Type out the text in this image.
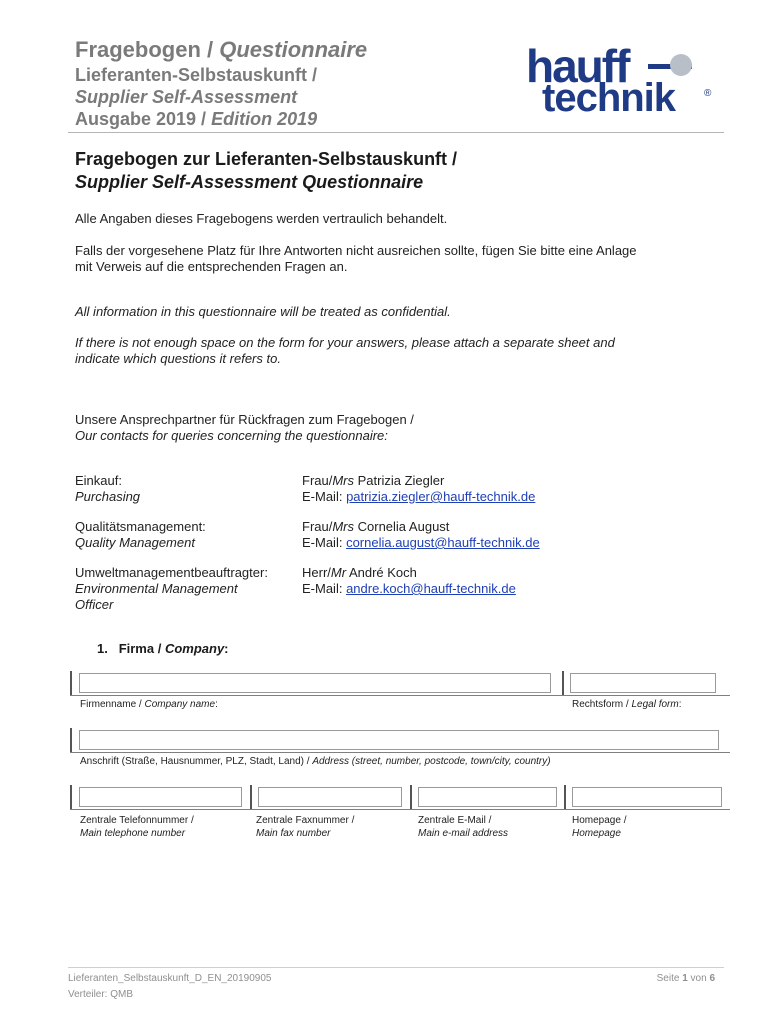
Fragebogen / Questionnaire
Lieferanten-Selbstauskunft /
Supplier Self-Assessment
Ausgabe 2019 / Edition 2019
hauff
technik	®
Fragebogen zur Lieferanten-Selbstauskunft /
Supplier Self-Assessment Questionnaire
Alle Angaben dieses Fragebogens werden vertraulich behandelt.
Falls der vorgesehene Platz für Ihre Antworten nicht ausreichen sollte, fügen Sie bitte eine Anlage
mit Verweis auf die entsprechenden Fragen an.
All information in this questionnaire will be treated as confidential.
If there is not enough space on the form for your answers, please attach a separate sheet and
indicate which questions it refers to.
Unsere Ansprechpartner für Rückfragen zum Fragebogen /
Our contacts for queries concerning the questionnaire:
Einkauf:
Purchasing
Frau/Mrs Patrizia Ziegler
E-Mail: patrizia.ziegler@hauff-technik.de
Qualitätsmanagement:
Quality Management
Frau/Mrs Cornelia August
E-Mail: cornelia.august@hauff-technik.de
Umweltmanagementbeauftragter:
Environmental Management
Officer
Herr/Mr André Koch
E-Mail: andre.koch@hauff-technik.de
1. Firma / Company:
Firmenname / Company name:	Rechtsform / Legal form:
Anschrift (Straße, Hausnummer, PLZ, Stadt, Land) / Address (street, number, postcode, town/city, country)
Zentrale Telefonnummer /
Main telephone number
Zentrale Faxnummer /
Main fax number
Zentrale E-Mail /
Main e-mail address
Homepage /
Homepage
Lieferanten_Selbstauskunft_D_EN_20190905
Verteiler: QMB
Seite 1 von 6
